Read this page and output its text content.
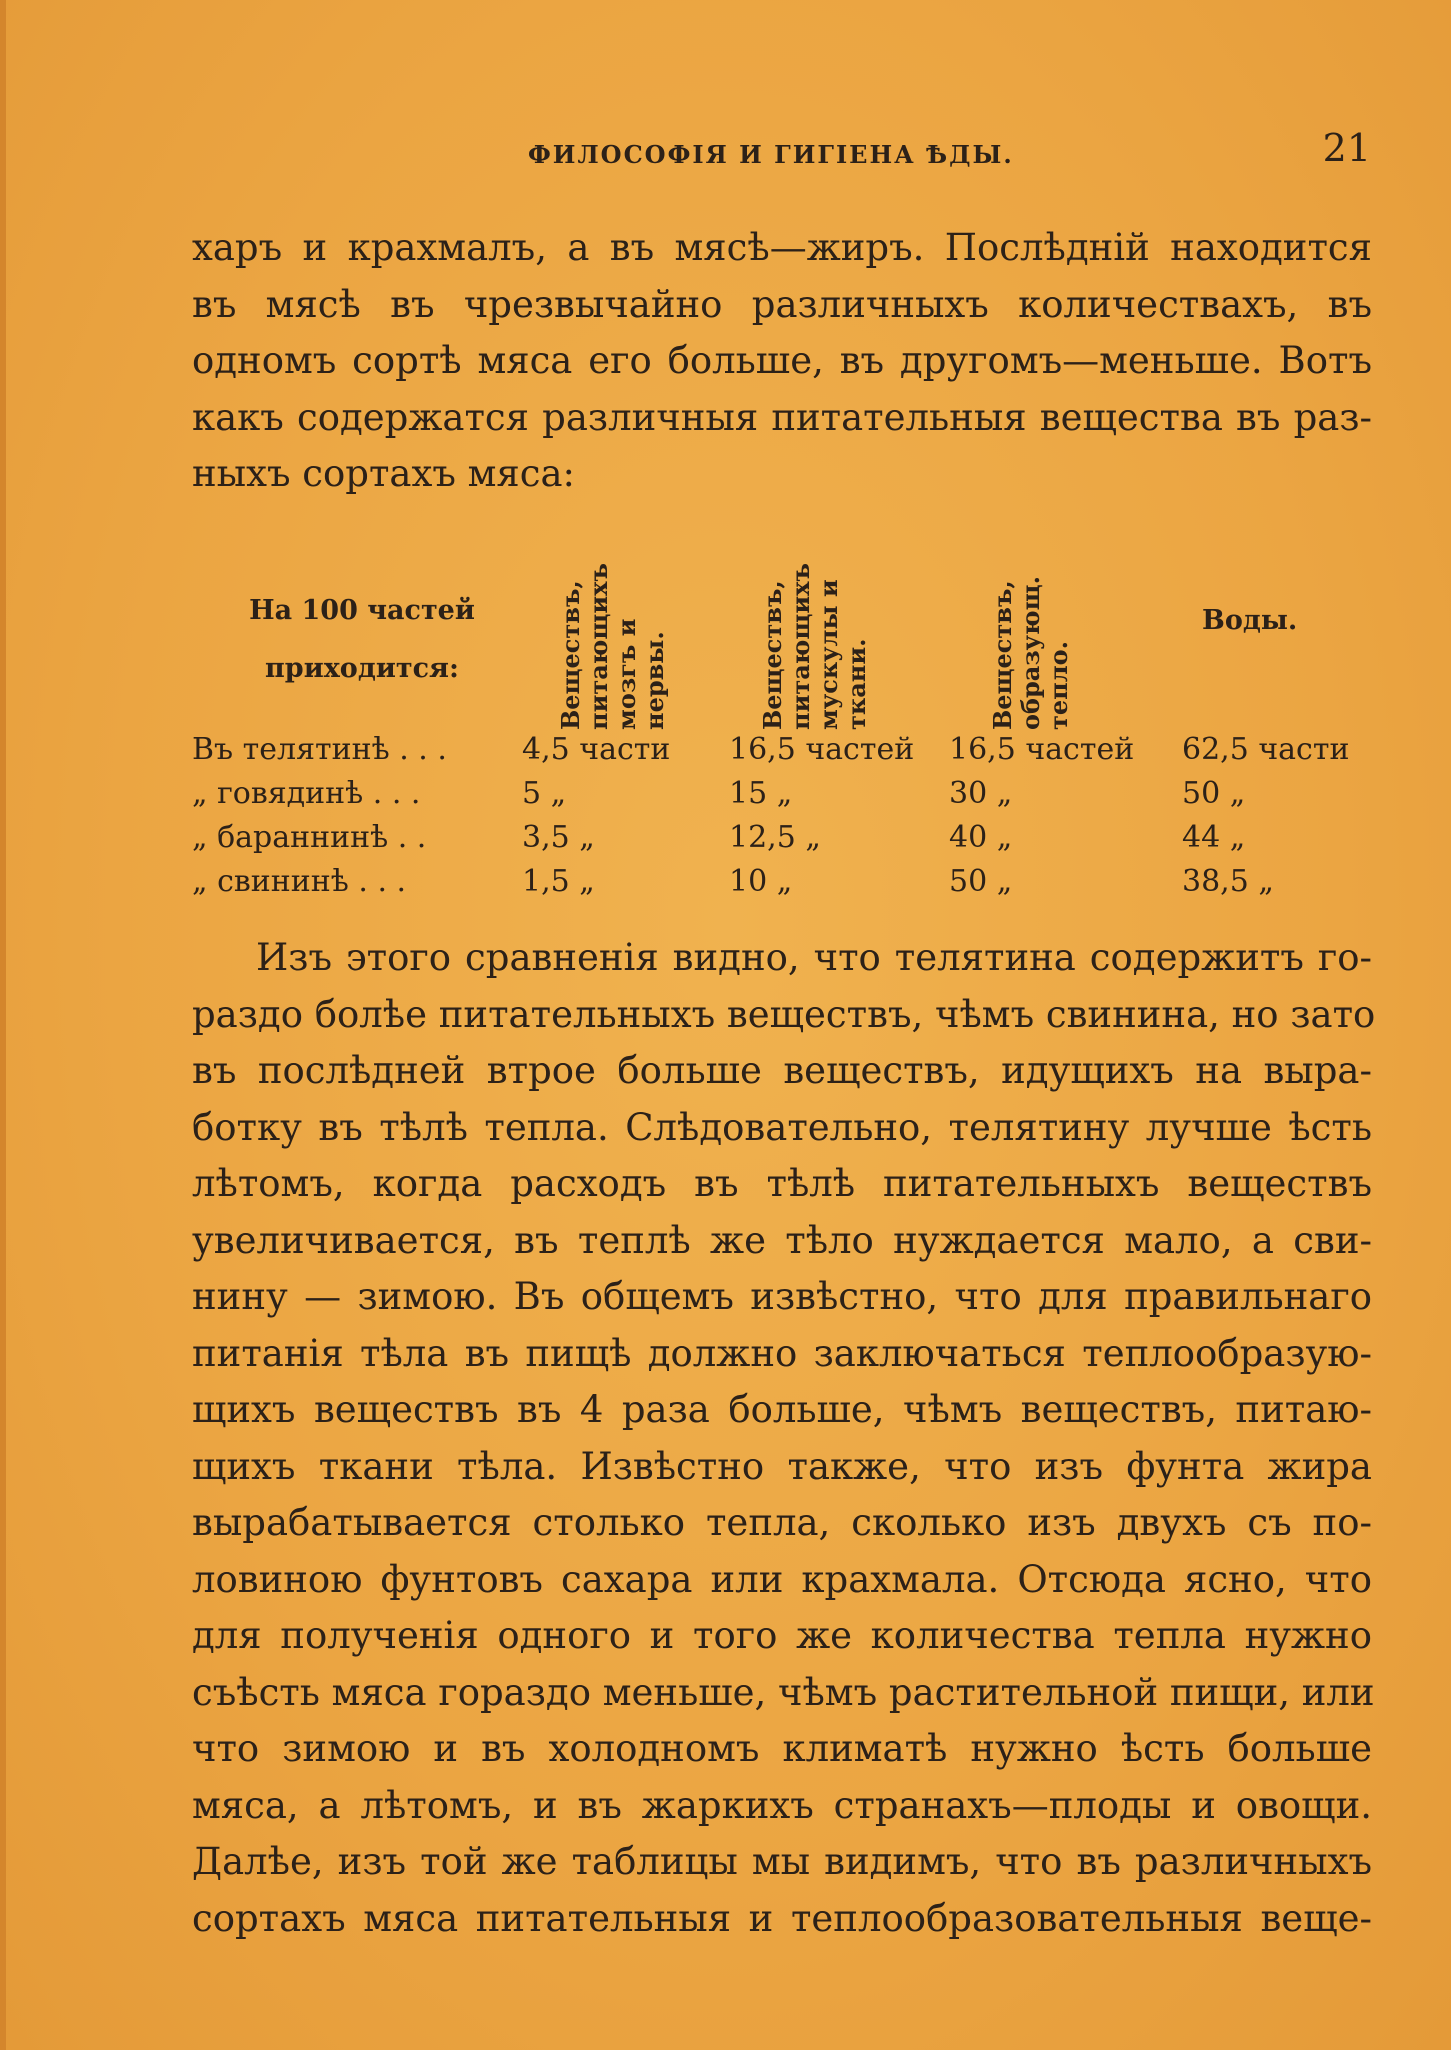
ФИЛОСОФІЯ И ГИГІЕНА ѢДЫ.	21
харъ и крахмалъ, а въ мясѣ—жиръ. Послѣдній находится
въ мясѣ въ чрезвычайно различныхъ количествахъ, въ
одномъ сортѣ мяса его больше, въ другомъ—меньше. Вотъ
какъ содержатся различныя питательныя вещества въ раз-
ныхъ сортахъ мяса:
На 100 частей
приходится:	Веществъ, питающихъ мозгъ и нервы.	Веществъ, питающихъ мускулы и ткани.	Веществъ, образующ. тепло.
Воды.
Въ телятинѣ . . .	4,5 части 16,5 частей 16,5 частей 62,5 части
„ говядинѣ . . .	5 „	15 „	30 „	50 „
„ бараннинѣ . .	3,5 „	12,5 „	40 „	44 „
„ свининѣ . . .	1,5 „	10 „	50 „	38,5 „
Изъ этого сравненія видно, что телятина содержитъ го-
раздо болѣе питательныхъ веществъ, чѣмъ свинина, но зато
въ послѣдней втрое больше веществъ, идущихъ на выра-
ботку въ тѣлѣ тепла. Слѣдовательно, телятину лучше ѣсть
лѣтомъ, когда расходъ въ тѣлѣ питательныхъ веществъ
увеличивается, въ теплѣ же тѣло нуждается мало, а сви-
нину — зимою. Въ общемъ извѣстно, что для правильнаго
питанія тѣла въ пищѣ должно заключаться теплообразую-
щихъ веществъ въ 4 раза больше, чѣмъ веществъ, питаю-
щихъ ткани тѣла. Извѣстно также, что изъ фунта жира
вырабатывается столько тепла, сколько изъ двухъ съ по-
ловиною фунтовъ сахара или крахмала. Отсюда ясно, что
для полученія одного и того же количества тепла нужно
съѣсть мяса гораздо меньше, чѣмъ растительной пищи, или
что зимою и въ холодномъ климатѣ нужно ѣсть больше
мяса, а лѣтомъ, и въ жаркихъ странахъ—плоды и овощи.
Далѣе, изъ той же таблицы мы видимъ, что въ различныхъ
сортахъ мяса питательныя и теплообразовательныя веще-
